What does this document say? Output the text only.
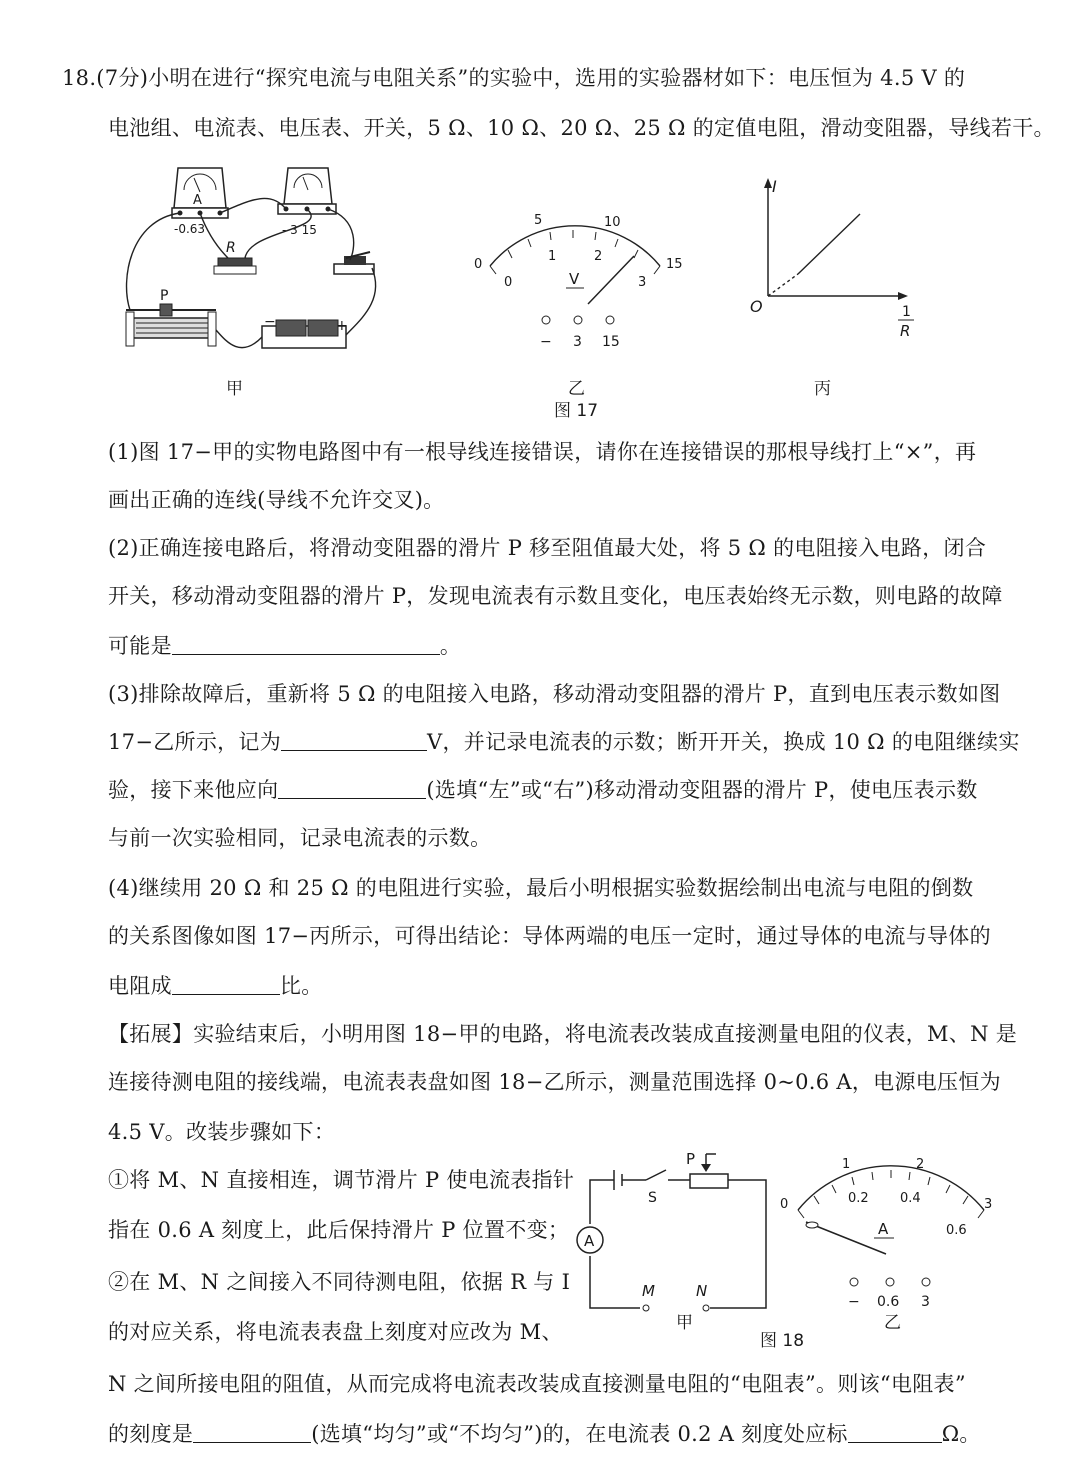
18.(7分)小明在进行“探究电流与电阻关系”的实验中，选用的实验器材如下：电压恒为 4.5 V 的
电池组、电流表、电压表、开关，5 Ω、10 Ω、20 Ω、25 Ω 的定值电阻，滑动变阻器，导线若干。
A
-0.63	- 3 15
R
P
−	+
甲
0
5	10
15
0
1	2
3
V
− 3 15
乙
图 17
I
O	1
R
丙
(1)图 17−甲的实物电路图中有一根导线连接错误，请你在连接错误的那根导线打上“×”，再
画出正确的连线(导线不允许交叉)。
(2)正确连接电路后，将滑动变阻器的滑片 P 移至阻值最大处，将 5 Ω 的电阻接入电路，闭合
开关，移动滑动变阻器的滑片 P，发现电流表有示数且变化，电压表始终无示数，则电路的故障
可能是	。
(3)排除故障后，重新将 5 Ω 的电阻接入电路，移动滑动变阻器的滑片 P，直到电压表示数如图
17−乙所示，记为	V，并记录电流表的示数；断开开关，换成 10 Ω 的电阻继续实
验，接下来他应向	(选填“左”或“右”)移动滑动变阻器的滑片 P，使电压表示数
与前一次实验相同，记录电流表的示数。
(4)继续用 20 Ω 和 25 Ω 的电阻进行实验，最后小明根据实验数据绘制出电流与电阻的倒数
的关系图像如图 17−丙所示，可得出结论：导体两端的电压一定时，通过导体的电流与导体的
电阻成	比。
【拓展】实验结束后，小明用图 18−甲的电路，将电流表改装成直接测量电阻的仪表，M、N 是
连接待测电阻的接线端，电流表表盘如图 18−乙所示，测量范围选择 0~0.6 A，电源电压恒为
4.5 V。改装步骤如下：
①将 M、N 直接相连，调节滑片 P 使电流表指针
指在 0.6 A 刻度上，此后保持滑片 P 位置不变；
②在 M、N 之间接入不同待测电阻，依据 R 与 I
的对应关系，将电流表表盘上刻度对应改为 M、
N 之间所接电阻的阻值，从而完成将电流表改装成直接测量电阻的“电阻表”。则该“电阻表”
的刻度是	(选填“均匀”或“不均匀”)的，在电流表 0.2 A 刻度处应标	Ω。
A
S
P
M	N
甲
0
1	2
3
0.2 0.4
0.6
A
− 0.6 3
乙
图 18
